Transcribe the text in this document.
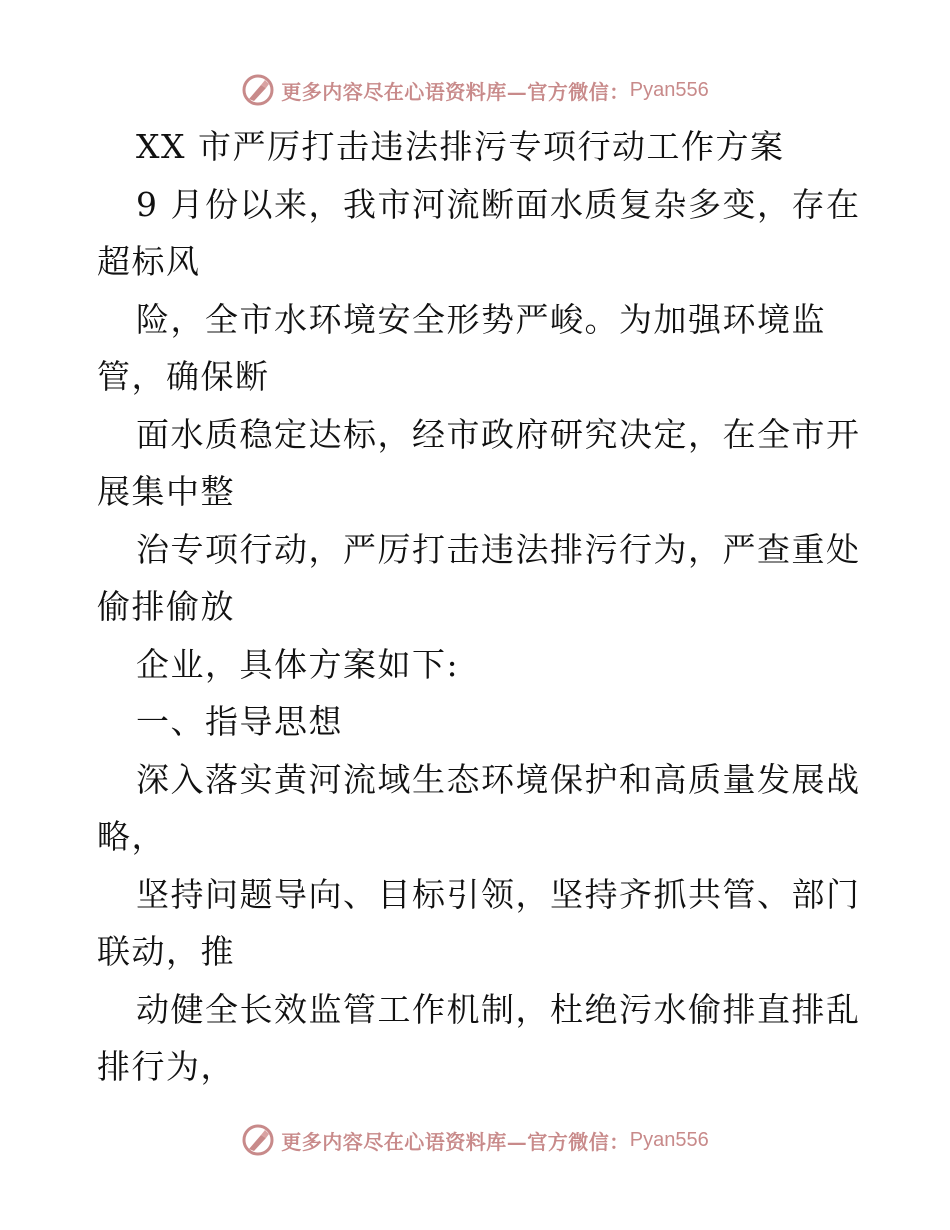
更多内容尽在心语资料库—官方微信： Pyan556
XX 市严厉打击违法排污专项行动工作方案
9 月份以来，我市河流断面水质复杂多变，存在
超标风
险，全市水环境安全形势严峻。为加强环境监
管，确保断
面水质稳定达标，经市政府研究决定，在全市开
展集中整
治专项行动，严厉打击违法排污行为，严查重处
偷排偷放
企业，具体方案如下:
一、指导思想
深入落实黄河流域生态环境保护和高质量发展战
略，
坚持问题导向、目标引领，坚持齐抓共管、部门
联动，推
动健全长效监管工作机制，杜绝污水偷排直排乱
排行为，
更多内容尽在心语资料库—官方微信： Pyan556
